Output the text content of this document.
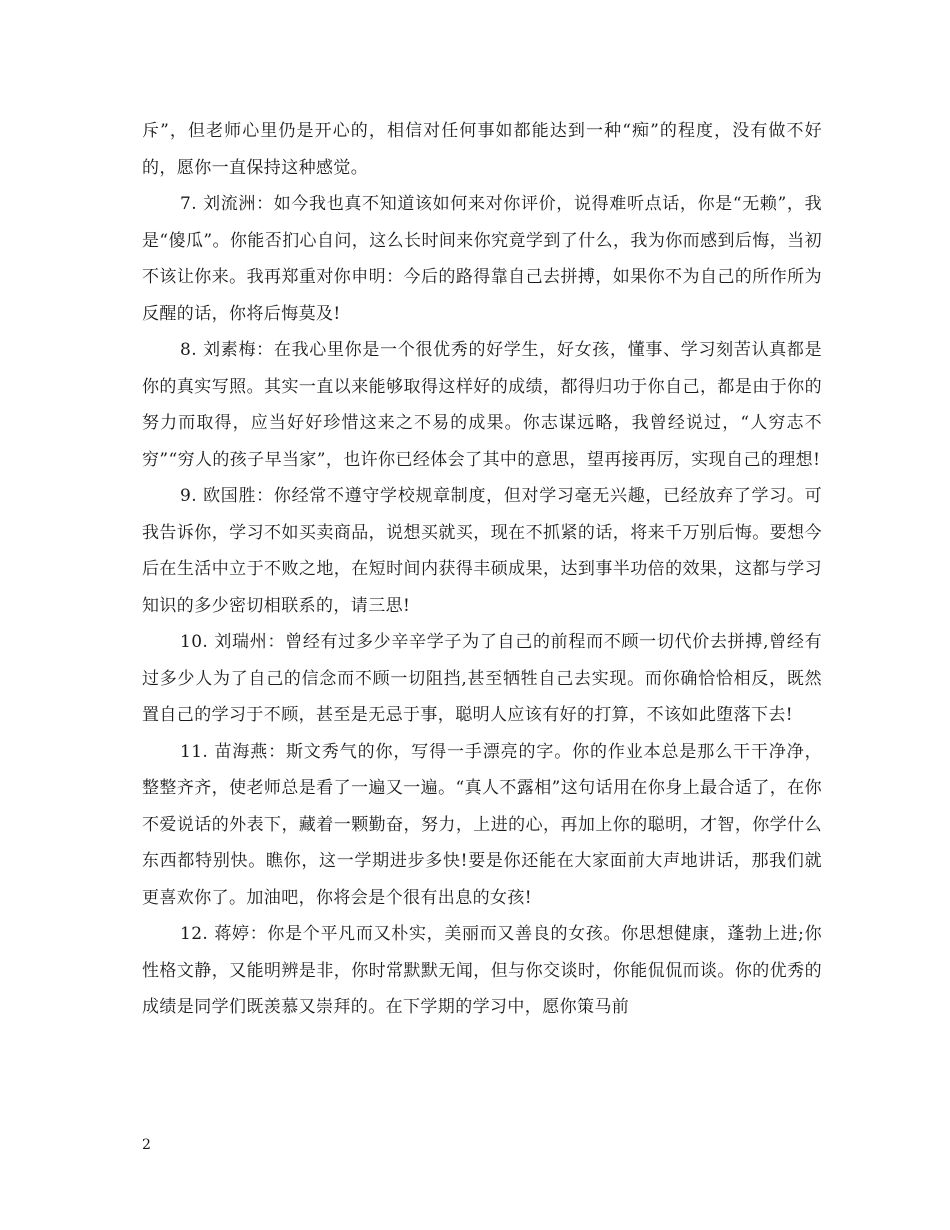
斥”，但老师心里仍是开心的，相信对任何事如都能达到一种“痴”的程度，没有做不好的，愿你一直保持这种感觉。

7. 刘流洲：如今我也真不知道该如何来对你评价，说得难听点话，你是“无赖”，我是“傻瓜”。你能否扪心自问，这么长时间来你究竟学到了什么，我为你而感到后悔，当初不该让你来。我再郑重对你申明：今后的路得靠自己去拼搏，如果你不为自己的所作所为反醒的话，你将后悔莫及!

8. 刘素梅：在我心里你是一个很优秀的好学生，好女孩，懂事、学习刻苦认真都是你的真实写照。其实一直以来能够取得这样好的成绩，都得归功于你自己，都是由于你的努力而取得，应当好好珍惜这来之不易的成果。你志谋远略，我曾经说过，“人穷志不穷”“穷人的孩子早当家”，也许你已经体会了其中的意思，望再接再厉，实现自己的理想!

9. 欧国胜：你经常不遵守学校规章制度，但对学习毫无兴趣，已经放弃了学习。可我告诉你，学习不如买卖商品，说想买就买，现在不抓紧的话，将来千万别后悔。要想今后在生活中立于不败之地，在短时间内获得丰硕成果，达到事半功倍的效果，这都与学习知识的多少密切相联系的，请三思!

10. 刘瑞州：曾经有过多少辛辛学子为了自己的前程而不顾一切代价去拼搏,曾经有过多少人为了自己的信念而不顾一切阻挡,甚至牺牲自己去实现。而你确恰恰相反，既然置自己的学习于不顾，甚至是无忌于事，聪明人应该有好的打算，不该如此堕落下去!

11. 苗海燕：斯文秀气的你，写得一手漂亮的字。你的作业本总是那么干干净净，整整齐齐，使老师总是看了一遍又一遍。“真人不露相”这句话用在你身上最合适了，在你不爱说话的外表下，藏着一颗勤奋，努力，上进的心，再加上你的聪明，才智，你学什么东西都特别快。瞧你，这一学期进步多快!要是你还能在大家面前大声地讲话，那我们就更喜欢你了。加油吧，你将会是个很有出息的女孩!

12. 蒋婷：你是个平凡而又朴实，美丽而又善良的女孩。你思想健康，蓬勃上进;你性格文静，又能明辨是非，你时常默默无闻，但与你交谈时，你能侃侃而谈。你的优秀的成绩是同学们既羡慕又崇拜的。在下学期的学习中，愿你策马前

2
